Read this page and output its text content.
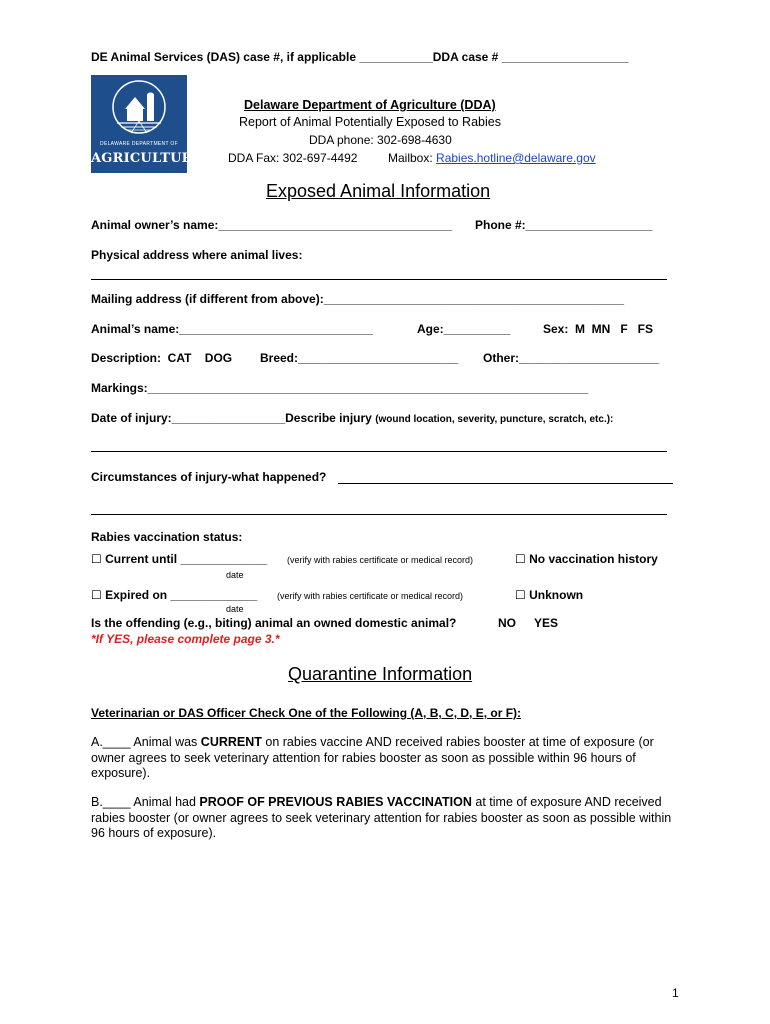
DE Animal Services (DAS) case #, if applicable ___________DDA case # ___________________
DELAWARE DEPARTMENT OF
AGRICULTURE
Delaware Department of Agriculture (DDA)
Report of Animal Potentially Exposed to Rabies
DDA phone: 302-698-4630
DDA Fax: 302-697-4492	Mailbox: Rabies.hotline@delaware.gov
Exposed Animal Information
Animal owner’s name:___________________________________ Phone #:___________________
Physical address where animal lives:
Mailing address (if different from above):_____________________________________________
Animal’s name:_____________________________	Age:__________	Sex:  M  MN   F   FS
Description:  CAT    DOG Breed:________________________ Other:_____________________
Markings:__________________________________________________________________
Date of injury:_________________Describe injury (wound location, severity, puncture, scratch, etc.):
Circumstances of injury-what happened?
Rabies vaccination status:
☐ Current until _____________ (verify with rabies certificate or medical record)	☐ No vaccination history
date
☐ Expired on _____________ (verify with rabies certificate or medical record)	☐ Unknown
date
Is the offending (e.g., biting) animal an owned domestic animal?	NO YES
*If YES, please complete page 3.*
Quarantine Information
Veterinarian or DAS Officer Check One of the Following (A, B, C, D, E, or F):
A.____ Animal was CURRENT on rabies vaccine AND received rabies booster at time of exposure (or owner agrees to seek veterinary attention for rabies booster as soon as possible within 96 hours of exposure).
B.____ Animal had PROOF OF PREVIOUS RABIES VACCINATION at time of exposure AND received rabies booster (or owner agrees to seek veterinary attention for rabies booster as soon as possible within 96 hours of exposure).
1
